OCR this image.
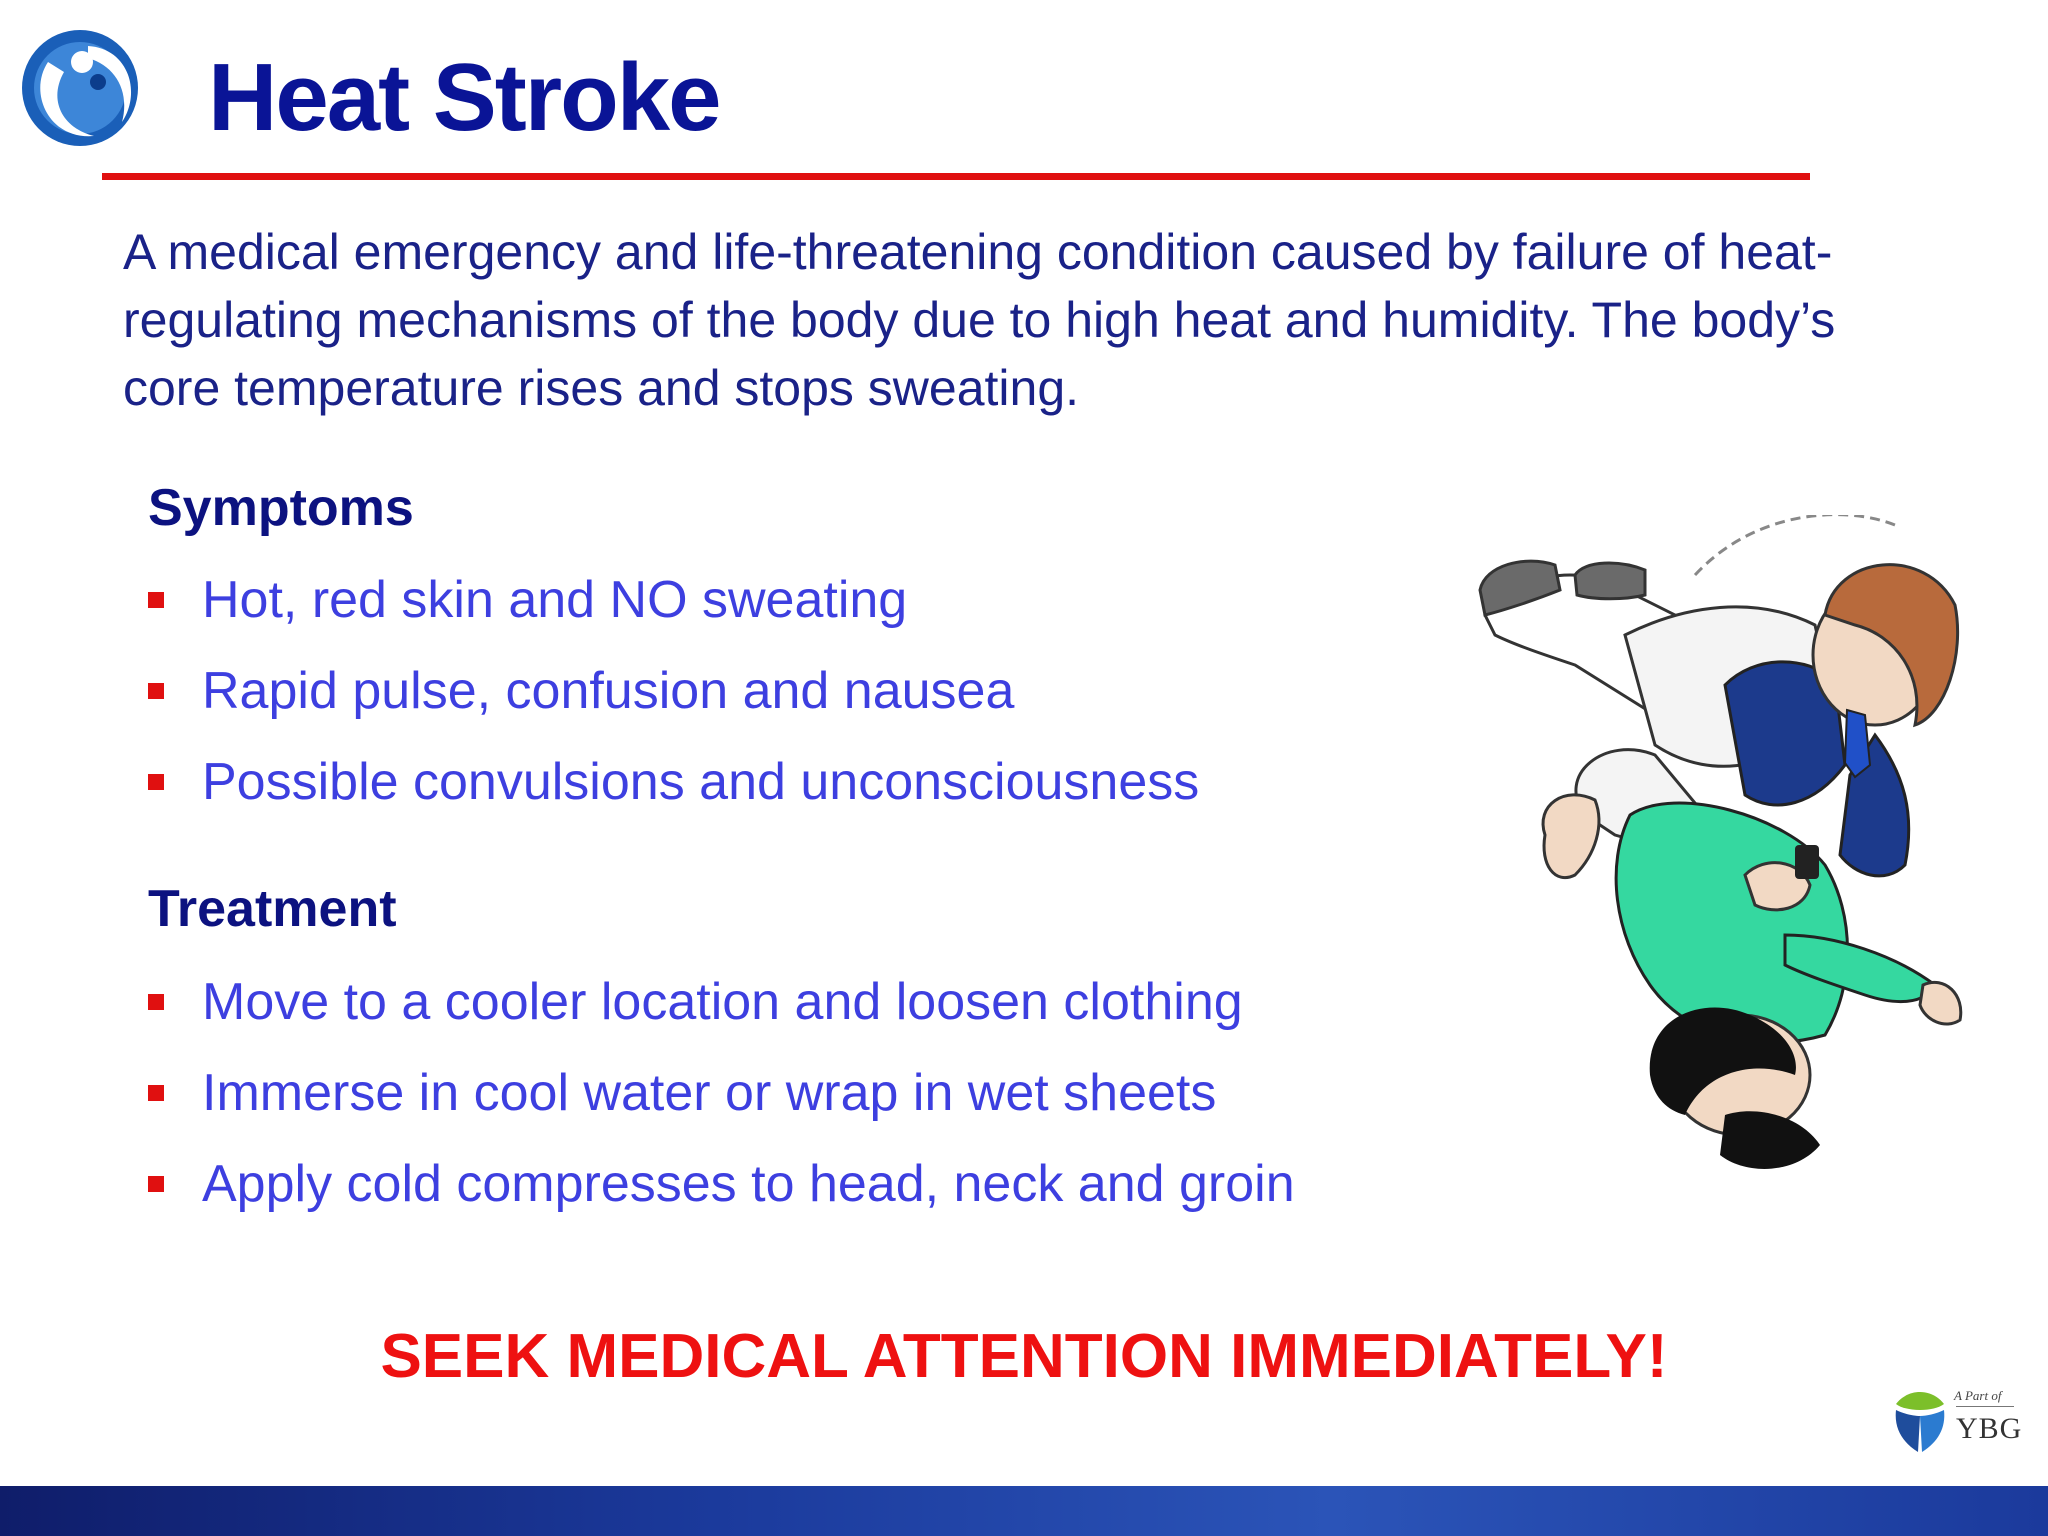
Heat Stroke
A medical emergency and life-threatening condition caused by failure of heat-regulating mechanisms of the body due to high heat and humidity. The body’s core temperature rises and stops sweating.
Symptoms
Hot, red skin and NO sweating
Rapid pulse, confusion and nausea
Possible convulsions and unconsciousness
Treatment
Move to a cooler location and loosen clothing
Immerse in cool water or wrap in wet sheets
Apply cold compresses to head, neck and groin
SEEK MEDICAL ATTENTION IMMEDIATELY!
A Part of
YBG
